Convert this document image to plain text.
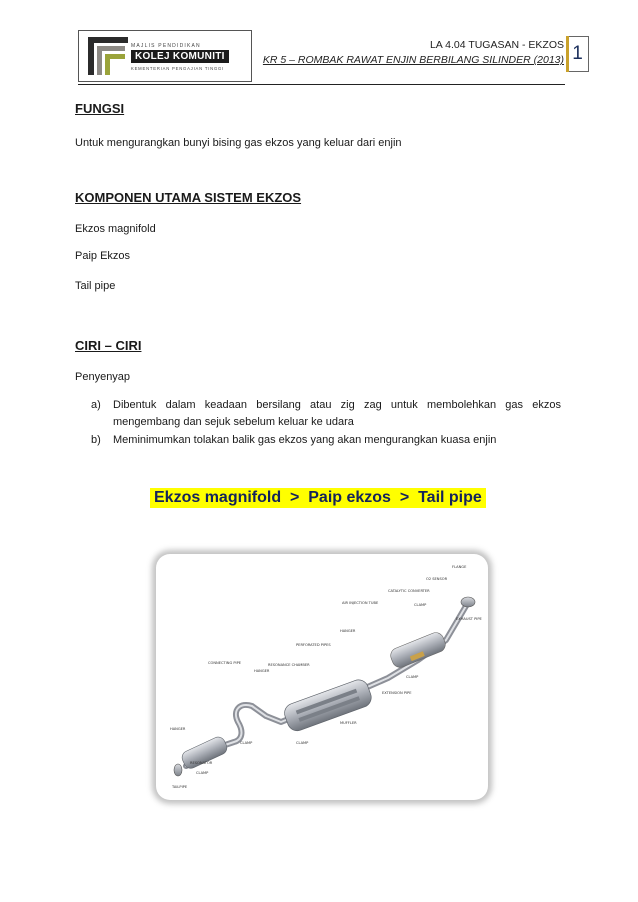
MAJLIS PENDIDIKAN
KOLEJ KOMUNITI
KEMENTERIAN PENGAJIAN TINGGI
LA 4.04 TUGASAN - EKZOS
KR 5 – ROMBAK RAWAT ENJIN BERBILANG SILINDER (2013) 1
FUNGSI
Untuk mengurangkan bunyi bising gas ekzos yang keluar dari enjin
KOMPONEN UTAMA SISTEM EKZOS
Ekzos magnifold
Paip Ekzos
Tail pipe
CIRI – CIRI
Penyenyap
a) Dibentuk dalam keadaan bersilang atau zig zag untuk membolehkan gas ekzos mengembang dan sejuk sebelum keluar ke udara
b) Meminimumkan tolakan balik gas ekzos yang akan mengurangkan kuasa enjin
Ekzos magnifold  >  Paip ekzos  >  Tail pipe
FLANGE
O2 SENSOR
CATALYTIC CONVERTER
AIR INJECTION TUBE	CLAMP
EXHAUST PIPE
HANGER
PERFORATED PIPES
RESONANCE CHAMBER
CLAMP
EXTENSION PIPE
CONNECTING PIPE
HANGER
MUFFLER
HANGER
CLAMP	CLAMP
RESONATOR
CLAMP
TAILPIPE
